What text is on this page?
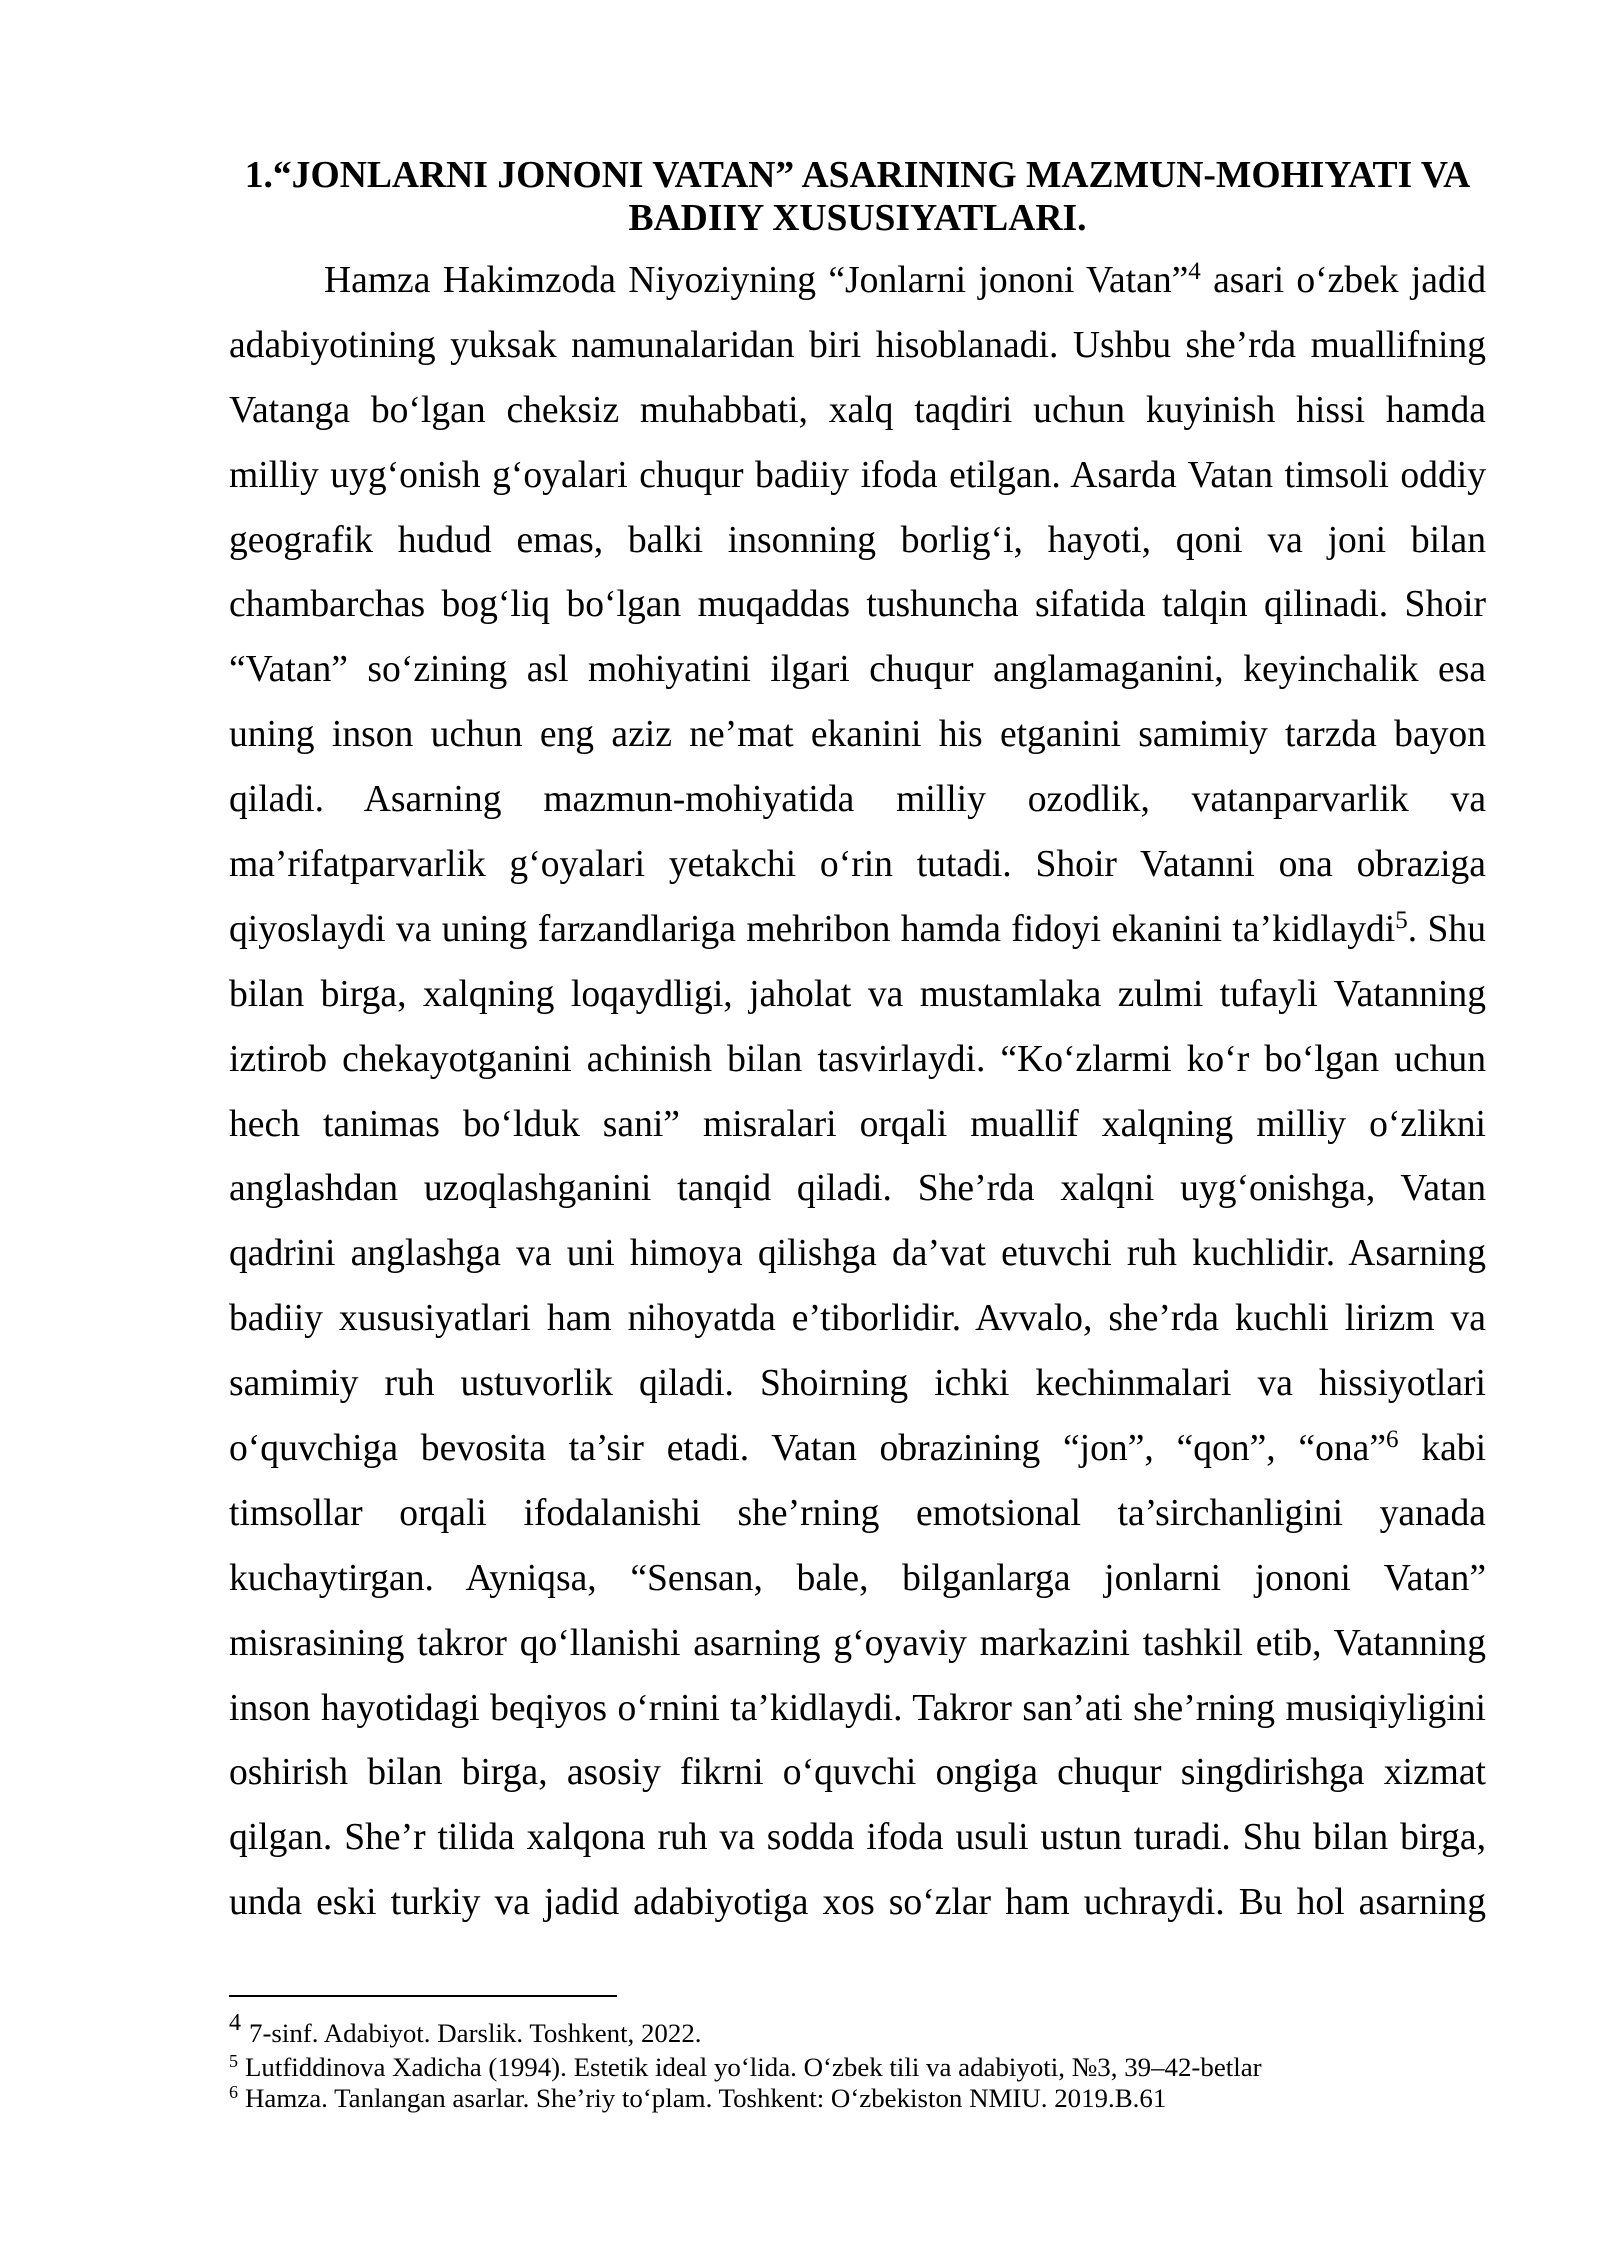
1.“JONLARNI JONONI VATAN” ASARINING MAZMUN-MOHIYATI VA
BADIIY XUSUSIYATLARI.
Hamza Hakimzoda Niyoziyning “Jonlarni jononi Vatan”$^4$ asari o‘zbek jadid
adabiyotining yuksak namunalaridan biri hisoblanadi. Ushbu she’rda muallifning
Vatanga bo‘lgan cheksiz muhabbati, xalq taqdiri uchun kuyinish hissi hamda
milliy uyg‘onish g‘oyalari chuqur badiiy ifoda etilgan. Asarda Vatan timsoli oddiy
geografik hudud emas, balki insonning borlig‘i, hayoti, qoni va joni bilan
chambarchas bog‘liq bo‘lgan muqaddas tushuncha sifatida talqin qilinadi. Shoir
“Vatan” so‘zining asl mohiyatini ilgari chuqur anglamaganini, keyinchalik esa
uning inson uchun eng aziz ne’mat ekanini his etganini samimiy tarzda bayon
qiladi. Asarning mazmun-mohiyatida milliy ozodlik, vatanparvarlik va
ma’rifatparvarlik g‘oyalari yetakchi o‘rin tutadi. Shoir Vatanni ona obraziga
qiyoslaydi va uning farzandlariga mehribon hamda fidoyi ekanini ta’kidlaydi$^5$. Shu
bilan birga, xalqning loqaydligi, jaholat va mustamlaka zulmi tufayli Vatanning
iztirob chekayotganini achinish bilan tasvirlaydi. “Ko‘zlarmi ko‘r bo‘lgan uchun
hech tanimas bo‘lduk sani” misralari orqali muallif xalqning milliy o‘zlikni
anglashdan uzoqlashganini tanqid qiladi. She’rda xalqni uyg‘onishga, Vatan
qadrini anglashga va uni himoya qilishga da’vat etuvchi ruh kuchlidir. Asarning
badiiy xususiyatlari ham nihoyatda e’tiborlidir. Avvalo, she’rda kuchli lirizm va
samimiy ruh ustuvorlik qiladi. Shoirning ichki kechinmalari va hissiyotlari
o‘quvchiga bevosita ta’sir etadi. Vatan obrazining “jon”, “qon”, “ona”$^6$ kabi
timsollar orqali ifodalanishi she’rning emotsional ta’sirchanligini yanada
kuchaytirgan. Ayniqsa, “Sensan, bale, bilganlarga jonlarni jononi Vatan”
misrasining takror qo‘llanishi asarning g‘oyaviy markazini tashkil etib, Vatanning
inson hayotidagi beqiyos o‘rnini ta’kidlaydi. Takror san’ati she’rning musiqiyligini
oshirish bilan birga, asosiy fikrni o‘quvchi ongiga chuqur singdirishga xizmat
qilgan. She’r tilida xalqona ruh va sodda ifoda usuli ustun turadi. Shu bilan birga,
unda eski turkiy va jadid adabiyotiga xos so‘zlar ham uchraydi. Bu hol asarning
$^4$ 7-sinf. Adabiyot. Darslik. Toshkent, 2022.
$^5$ Lutfiddinova Xadicha (1994). Estetik ideal yo‘lida. O‘zbek tili va adabiyoti, №3, 39–42-betlar
$^6$ Hamza. Tanlangan asarlar. She’riy to‘plam. Toshkent: O‘zbekiston NMIU. 2019.B.61
